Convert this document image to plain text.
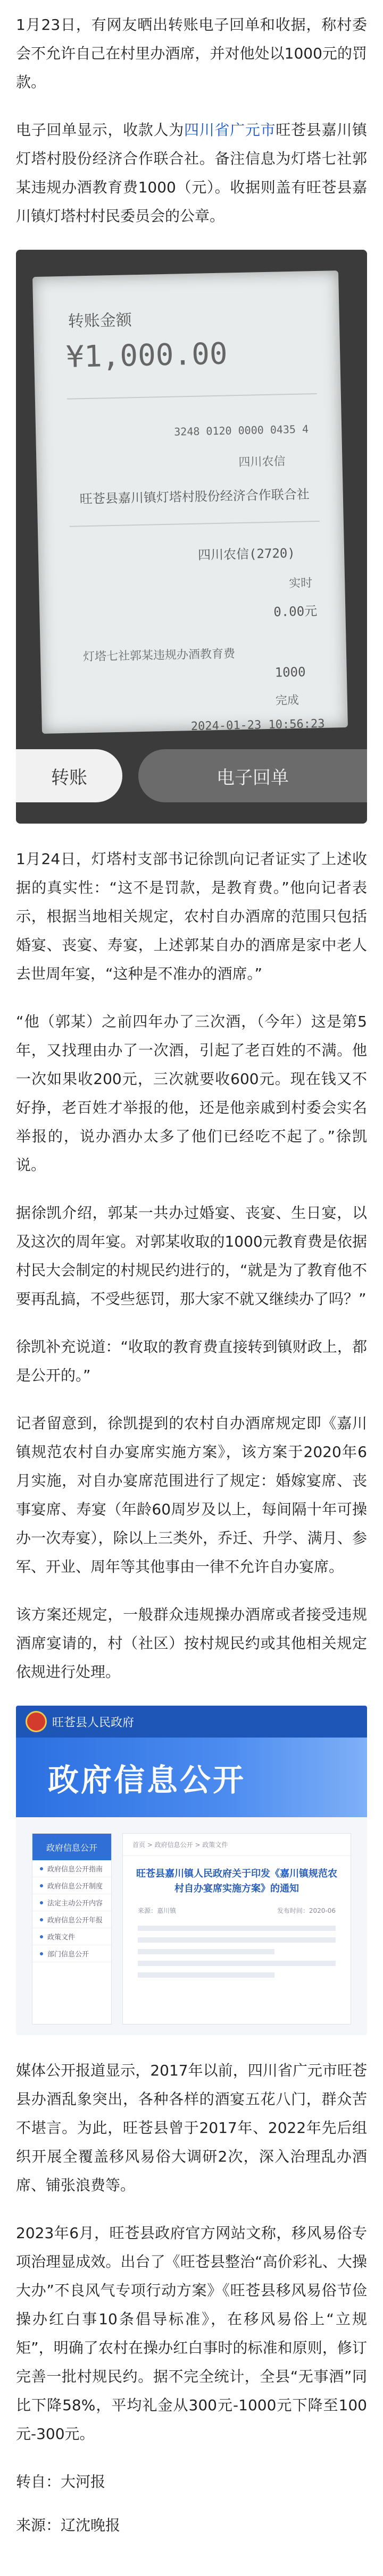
1月23日，有网友晒出转账电子回单和收据，称村委会不允许自己在村里办酒席，并对他处以1000元的罚款。

电子回单显示，收款人为四川省广元市旺苍县嘉川镇灯塔村股份经济合作联合社。备注信息为灯塔七社郭某违规办酒教育费1000（元）。收据则盖有旺苍县嘉川镇灯塔村村民委员会的公章。

转账金额
¥1,000.00
3248 0120 0000 0435 4
四川农信
旺苍县嘉川镇灯塔村股份经济合作联合社
四川农信(2720)
实时
0.00元
灯塔七社郭某违规办酒教育费
1000
完成
2024-01-23 10:56:23
转账	电子回单

1月24日，灯塔村支部书记徐凯向记者证实了上述收据的真实性：“这不是罚款，是教育费。”他向记者表示，根据当地相关规定，农村自办酒席的范围只包括婚宴、丧宴、寿宴，上述郭某自办的酒席是家中老人去世周年宴，“这种是不准办的酒席。”

“他（郭某）之前四年办了三次酒，（今年）这是第5年，又找理由办了一次酒，引起了老百姓的不满。他一次如果收200元，三次就要收600元。现在钱又不好挣，老百姓才举报的他，还是他亲戚到村委会实名举报的，说办酒办太多了他们已经吃不起了。”徐凯说。

据徐凯介绍，郭某一共办过婚宴、丧宴、生日宴，以及这次的周年宴。对郭某收取的1000元教育费是依据村民大会制定的村规民约进行的，“就是为了教育他不要再乱搞，不受些惩罚，那大家不就又继续办了吗？”

徐凯补充说道：“收取的教育费直接转到镇财政上，都是公开的。”

记者留意到，徐凯提到的农村自办酒席规定即《嘉川镇规范农村自办宴席实施方案》，该方案于2020年6月实施，对自办宴席范围进行了规定：婚嫁宴席、丧事宴席、寿宴（年龄60周岁及以上，每间隔十年可操办一次寿宴），除以上三类外，乔迁、升学、满月、参军、开业、周年等其他事由一律不允许自办宴席。

该方案还规定，一般群众违规操办酒席或者接受违规酒席宴请的，村（社区）按村规民约或其他相关规定依规进行处理。

旺苍县人民政府
政府信息公开
政府信息公开
政府信息公开指南
政府信息公开制度
法定主动公开内容
政府信息公开年报
政策文件
部门信息公开
首页 > 政府信息公开 > 政策文件
旺苍县嘉川镇人民政府关于印发《嘉川镇规范农村自办宴席实施方案》的通知
来源：嘉川镇	发布时间：2020-06

媒体公开报道显示，2017年以前，四川省广元市旺苍县办酒乱象突出，各种各样的酒宴五花八门，群众苦不堪言。为此，旺苍县曾于2017年、2022年先后组织开展全覆盖移风易俗大调研2次，深入治理乱办酒席、铺张浪费等。

2023年6月，旺苍县政府官方网站文称，移风易俗专项治理显成效。出台了《旺苍县整治“高价彩礼、大操大办”不良风气专项行动方案》《旺苍县移风易俗节俭操办红白事10条倡导标准》，在移风易俗上“立规矩”，明确了农村在操办红白事时的标准和原则，修订完善一批村规民约。据不完全统计，全县“无事酒”同比下降58%，平均礼金从300元-1000元下降至100元-300元。

转自：大河报

来源：辽沈晚报
